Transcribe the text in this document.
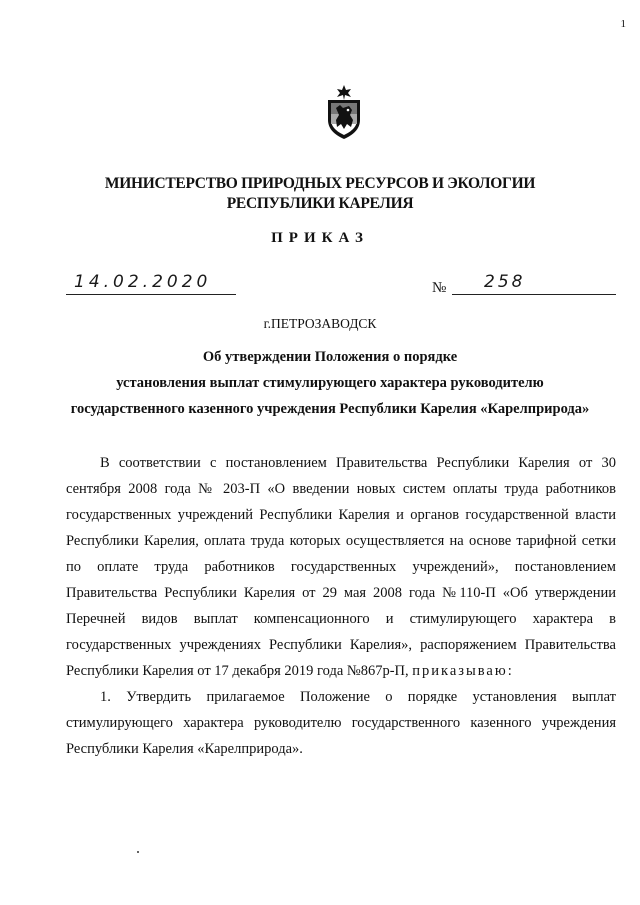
1
МИНИСТЕРСТВО ПРИРОДНЫХ РЕСУРСОВ И ЭКОЛОГИИ
РЕСПУБЛИКИ КАРЕЛИЯ
ПРИКАЗ
14.02.2020	№ 258
г.ПЕТРОЗАВОДСК
Об утверждении Положения о порядке
установления выплат стимулирующего характера руководителю
государственного казенного учреждения Республики Карелия «Карелприрода»

В соответствии с постановлением Правительства Республики Карелия от 30 сентября 2008 года № 203-П «О введении новых систем оплаты труда работников государственных учреждений Республики Карелия и органов государственной власти Республики Карелия, оплата труда которых осуществляется на основе тарифной сетки по оплате труда работников государственных учреждений», постановлением Правительства Республики Карелия от 29 мая 2008 года №110-П «Об утверждении Перечней видов выплат компенсационного и стимулирующего характера в государственных учреждениях Республики Карелия», распоряжением Правительства Республики Карелия от 17 декабря 2019 года №867р-П, приказываю:

1. Утвердить прилагаемое Положение о порядке установления выплат стимулирующего характера руководителю государственного казенного учреждения Республики Карелия «Карелприрода».
